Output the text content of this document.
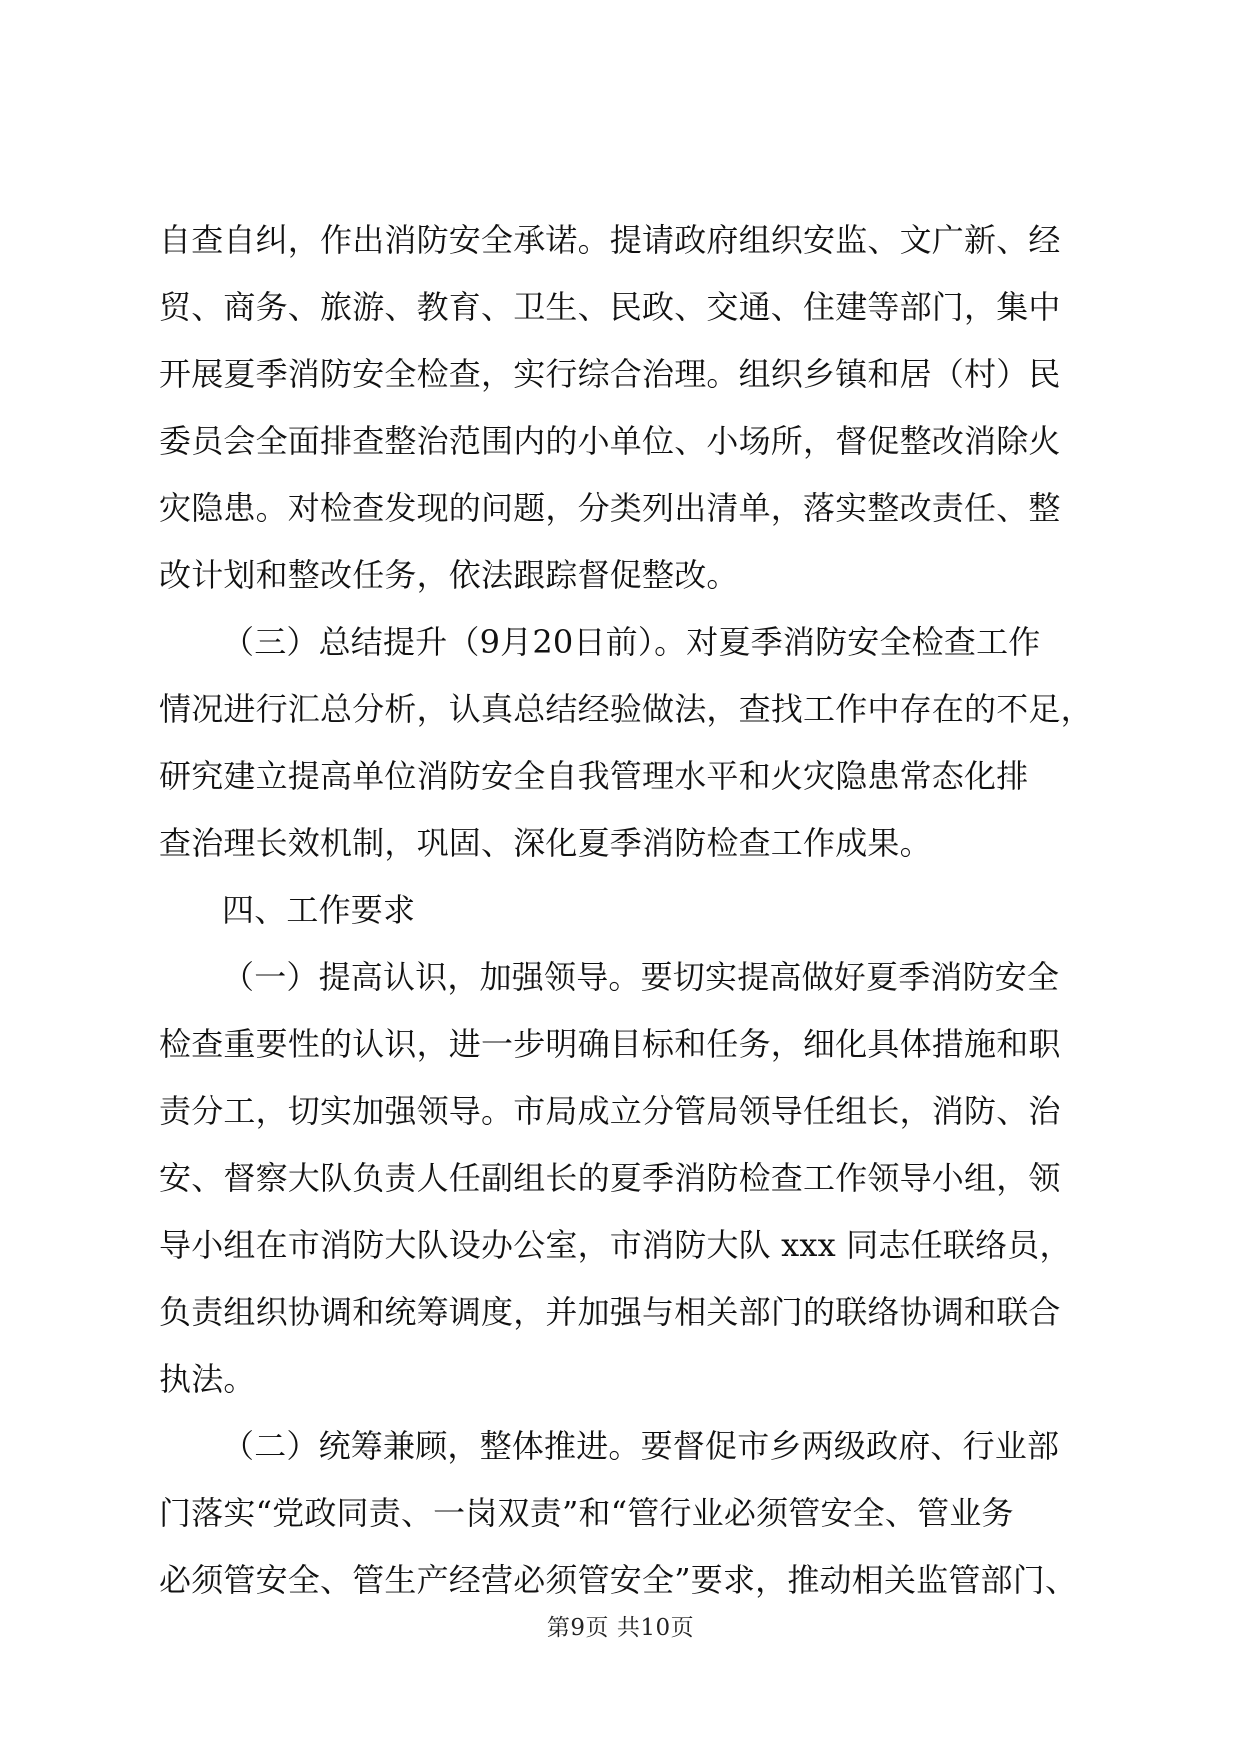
自查自纠，作出消防安全承诺。提请政府组织安监、文广新、经
贸、商务、旅游、教育、卫生、民政、交通、住建等部门，集中
开展夏季消防安全检查，实行综合治理。组织乡镇和居（村）民
委员会全面排查整治范围内的小单位、小场所，督促整改消除火
灾隐患。对检查发现的问题，分类列出清单，落实整改责任、整
改计划和整改任务，依法跟踪督促整改。
（三）总结提升（9月20日前）。对夏季消防安全检查工作
情况进行汇总分析，认真总结经验做法，查找工作中存在的不足，
研究建立提高单位消防安全自我管理水平和火灾隐患常态化排
查治理长效机制，巩固、深化夏季消防检查工作成果。
四、工作要求
（一）提高认识，加强领导。要切实提高做好夏季消防安全
检查重要性的认识，进一步明确目标和任务，细化具体措施和职
责分工，切实加强领导。市局成立分管局领导任组长，消防、治
安、督察大队负责人任副组长的夏季消防检查工作领导小组，领
导小组在市消防大队设办公室，市消防大队 xxx 同志任联络员，
负责组织协调和统筹调度，并加强与相关部门的联络协调和联合
执法。
（二）统筹兼顾，整体推进。要督促市乡两级政府、行业部
门落实“党政同责、一岗双责”和“管行业必须管安全、管业务
必须管安全、管生产经营必须管安全”要求，推动相关监管部门、
第9页 共10页
